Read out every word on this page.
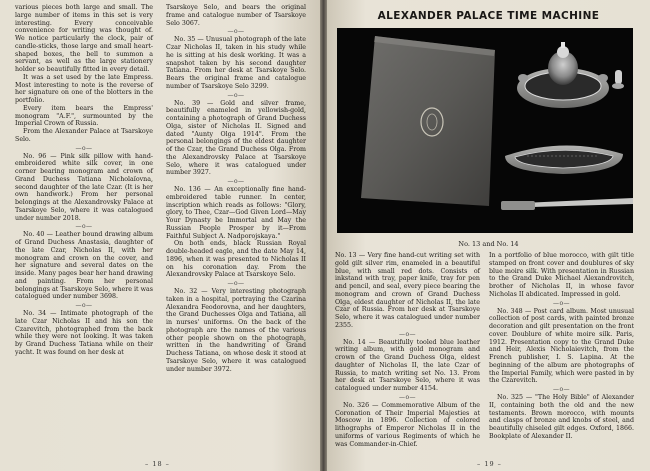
various pieces both large and small. The large number of items in this set is very interesting. Every conceivable convenience for writing was thought of. We notice particularly the clock, pair of candle-sticks, those large and small heart-shaped boxes, the bell to summon a servant, as well as the large stationery holder so beautifully fitted in every detail.

It was a set used by the late Empress. Most interesting to note is the reverse of her signature on one of the blotters in the portfolio.

Every item bears the Empress' monogram "A.F.", surmounted by the Imperial Crown of Russia.

From the Alexander Palace at Tsarskoye Selo.

—o—

No. 96 — Pink silk pillow with hand-embroidered white silk cover, in one corner bearing monogram and crown of Grand Duchess Tatiana Nicholaïovna, second daughter of the late Czar. (It is her own handwork.) From her personal belongings at the Alexandrovsky Palace at Tsarskoye Selo, where it was catalogued under number 2018.

—o—

No. 40 — Leather bound drawing album of Grand Duchess Anastasia, daughter of the late Czar, Nicholas II, with her monogram and crown on the cover, and her signature and several dates on the inside. Many pages bear her hand drawing and painting. From her personal belongings at Tsarskoye Selo, where it was catalogued under number 3698.

—o—

No. 34 — Intimate photograph of the late Czar Nicholas II and his son the Czarevitch, photographed from the back while they were not looking. It was taken by Grand Duchess Tatiana while on their yacht. It was found on her desk at

Tsarskoye Selo, and bears the original frame and catalogue number of Tsarskoye Selo 3067.

—o—

No. 35 — Unusual photograph of the late Czar Nicholas II, taken in his study while he is sitting at his desk working. It was a snapshot taken by his second daughter Tatiana. From her desk at Tsarskoye Selo. Bears the original frame and catalogue number of Tsarskoye Selo 3299.

—o—

No. 39 — Gold and silver frame, beautifully enameled in yellowish-gold, containing a photograph of Grand Duchess Olga, sister of Nicholas II. Signed and dated "Aunty Olga 1914". From the personal belongings of the eldest daughter of the Czar, the Grand Duchess Olga. From the Alexandrovsky Palace at Tsarskoye Selo, where it was catalogued under number 3927.

—o—

No. 136 — An exceptionally fine hand-embroidered table runner. In center, inscription which reads as follows: "Glory, glory, to Thee, Czar—God Given Lord—May Your Dynasty be Immortal and May the Russian People Prosper by it—From Faithful Subject A. Nadporojskaya."

On both ends, black Russian Royal double-headed eagle, and the date May 14, 1896, when it was presented to Nicholas II on his coronation day. From the Alexandrovsky Palace at Tsarskoye Selo.

—o—

No. 32 — Very interesting photograph taken in a hospital, portraying the Czarina Alexandra Feodorovna, and her daughters, the Grand Duchesses Olga and Tatiana, all in nurses' uniforms. On the back of the photograph are the names of the various other people shown on the photograph, written in the handwriting of Grand Duchess Tatiana, on whose desk it stood at Tsarskoye Selo, where it was catalogued under number 3972.

– 18 –
ALEXANDER PALACE TIME MACHINE
No. 13 and No. 14

No. 13 — Very fine hand-cut writing set with gold gilt silver rim, enameled in a beautiful blue, with small red dots. Consists of inkstand with tray, paper knife, tray for pen and pencil, and seal, every piece bearing the monogram and crown of Grand Duchess Olga, eldest daughter of Nicholas II, the late Czar of Russia. From her desk at Tsarskoye Selo, where it was catalogued under number 2355.

—o—

No. 14 — Beautifully tooled blue leather writing album, with gold monogram and crown of the Grand Duchess Olga, eldest daughter of Nicholas II, the late Czar of Russia, to match writing set No. 13. From her desk at Tsarskoye Selo, where it was catalogued under number 4154.

—o—

No. 326 — Commemorative Album of the Coronation of Their Imperial Majesties at Moscow in 1896. Collection of colored lithographs of Emperor Nicholas II in the uniforms of various Regiments of which he was Commander-in-Chief.

In a portfolio of blue morocco, with gilt title stamped on front cover and doublures of sky blue moire silk. With presentation in Russian to the Grand Duke Michael Alexandrovitch, brother of Nicholas II, in whose favor Nicholas II abdicated. Impressed in gold.

—o—

No. 348 — Post card album. Most unusual collection of post cards, with painted bronze decoration and gilt presentation on the front cover. Doublure of white moire silk. Paris, 1912. Presentation copy to the Grand Duke and Heir, Alexis Nicholaievitch, from the French publisher, I. S. Lapina. At the beginning of the album are photographs of the Imperial Family, which were pasted in by the Czarevitch.

—o—

No. 325 — "The Holy Bible" of Alexander II, containing both the old and the new testaments. Brown morocco, with mounts and clasps of bronze and knobs of steel, and beautifully chiseled gilt edges. Oxford, 1866. Bookplate of Alexander II.

– 19 –
